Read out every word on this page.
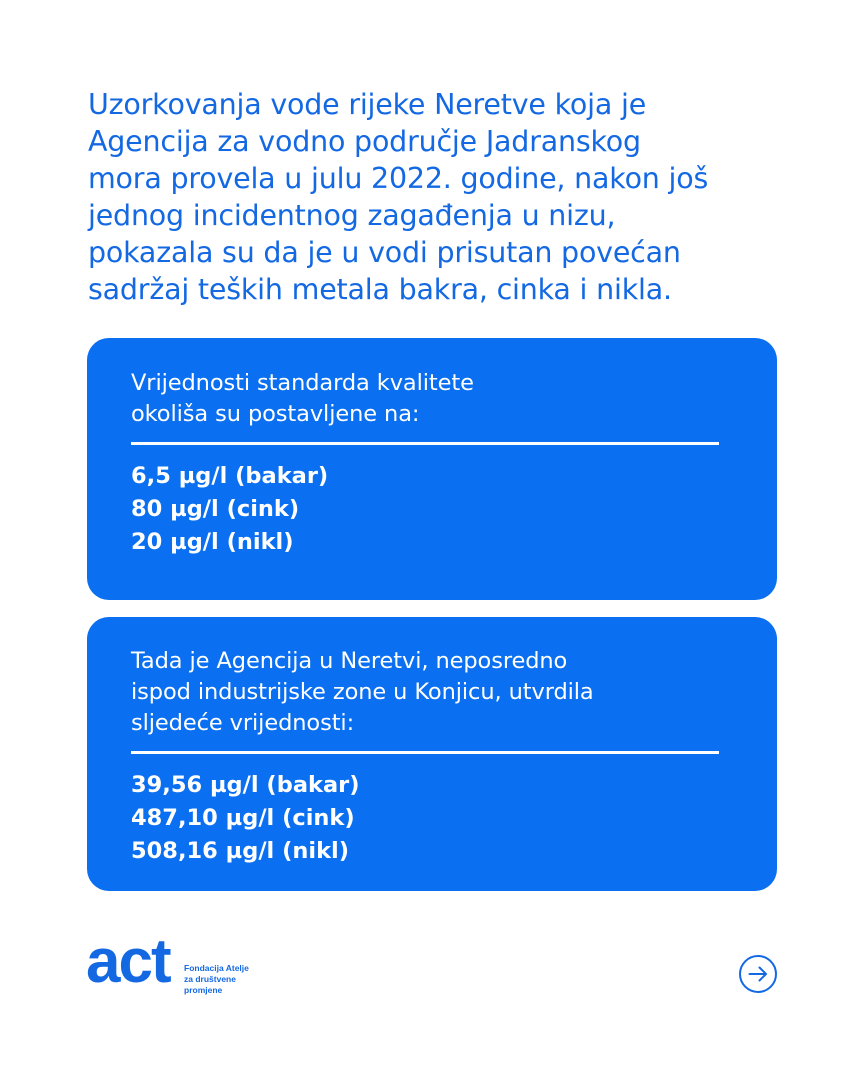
Uzorkovanja vode rijeke Neretve koja je
Agencija za vodno područje Jadranskog
mora provela u julu 2022. godine, nakon još
jednog incidentnog zagađenja u nizu,
pokazala su da je u vodi prisutan povećan
sadržaj teških metala bakra, cinka i nikla.

Vrijednosti standarda kvalitete
okoliša su postavljene na:

6,5 µg/l (bakar)
80 µg/l (cink)
20 µg/l (nikl)

Tada je Agencija u Neretvi, neposredno
ispod industrijske zone u Konjicu, utvrdila
sljedeće vrijednosti:

39,56 µg/l (bakar)
487,10 µg/l (cink)
508,16 µg/l (nikl)
act Fondacija Atelje
za društvene
promjene
